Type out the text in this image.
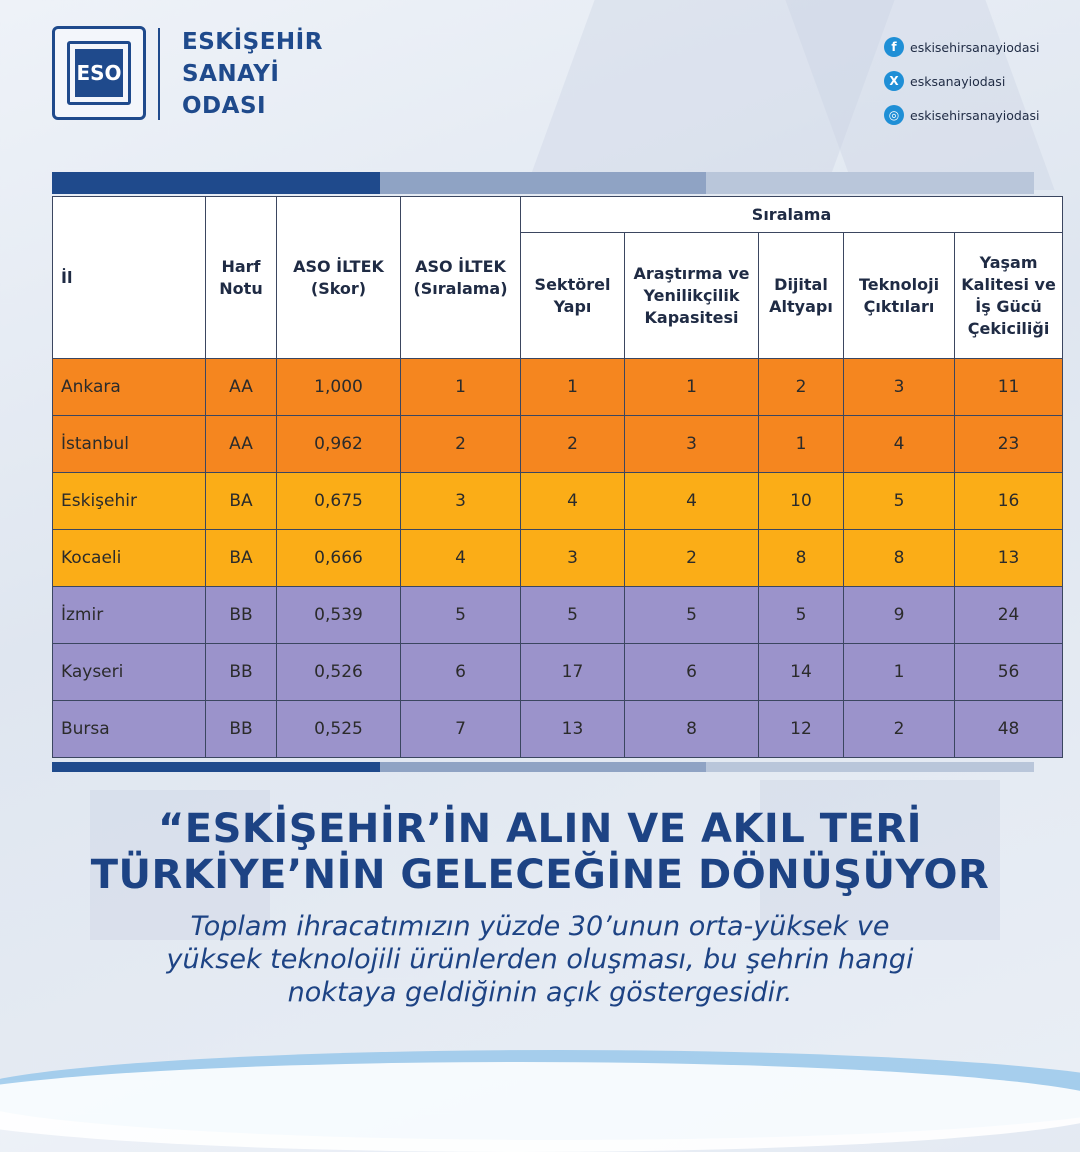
ESO
ESKİŞEHİR
SANAYİ
ODASI
f	eskisehirsanayiodasi
X esksanayiodasi
◎ eskisehirsanayiodasi
İl	Harf Notu	ASO İLTEK (Skor)	ASO İLTEK (Sıralama)	Sıralama				
				Sektörel Yapı	Araştırma ve Yenilikçilik Kapasitesi	Dijital Altyapı	Teknoloji Çıktıları	Yaşam Kalitesi ve İş Gücü Çekiciliği
Ankara	AA	1,000	1	1	1	2	3	11
İstanbul	AA	0,962	2	2	3	1	4	23
Eskişehir	BA	0,675	3	4	4	10	5	16
Kocaeli	BA	0,666	4	3	2	8	8	13
İzmir	BB	0,539	5	5	5	5	9	24
Kayseri	BB	0,526	6	17	6	14	1	56
Bursa	BB	0,525	7	13	8	12	2	48
“ESKİŞEHİR’İN ALIN VE AKIL TERİ
TÜRKİYE’NİN GELECEĞİNE DÖNÜŞÜYOR
Toplam ihracatımızın yüzde 30’unun orta-yüksek ve
yüksek teknolojili ürünlerden oluşması, bu şehrin hangi
noktaya geldiğinin açık göstergesidir.
